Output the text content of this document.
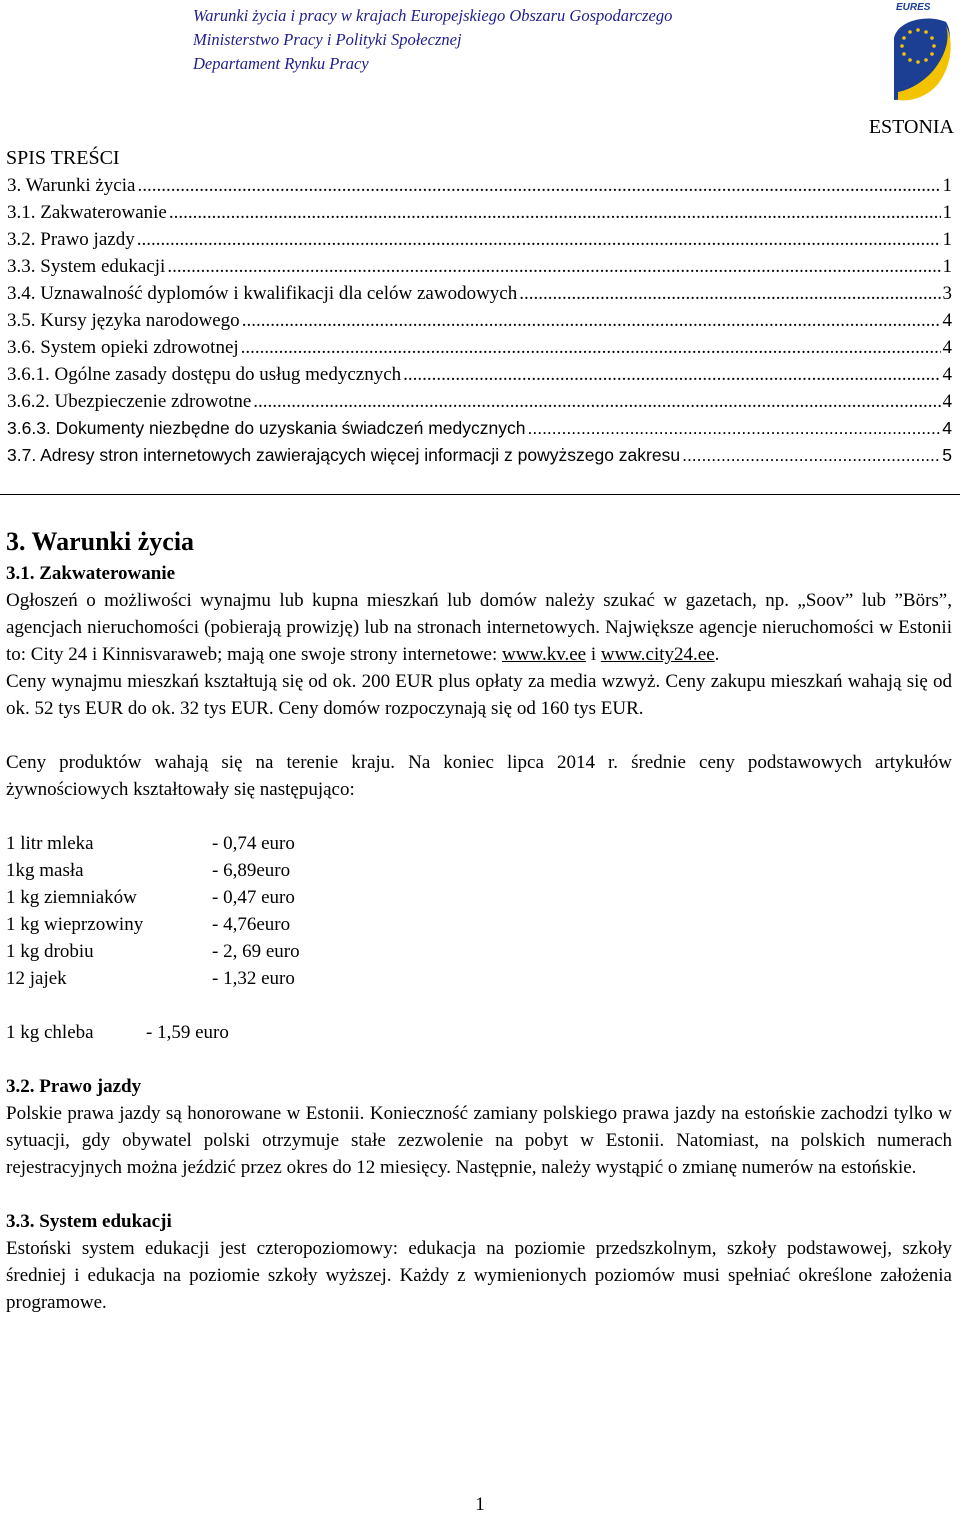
Warunki życia i pracy w krajach Europejskiego Obszaru Gospodarczego
Ministerstwo Pracy i Polityki Społecznej
Departament Rynku Pracy
EURES
ESTONIA
SPIS TREŚCI
3. Warunki życia .....	1
3.1. Zakwaterowanie .....	1
3.2. Prawo jazdy .....	1
3.3. System edukacji .....	1
3.4. Uznawalność dyplomów i kwalifikacji dla celów zawodowych .....	3
3.5. Kursy języka narodowego .....	4
3.6. System opieki zdrowotnej .....	4
3.6.1. Ogólne zasady dostępu do usług medycznych .....	4
3.6.2. Ubezpieczenie zdrowotne .....	4
3.6.3. Dokumenty niezbędne do uzyskania świadczeń medycznych .....	4
3.7. Adresy stron internetowych zawierających więcej informacji z powyższego zakresu .....	5
3. Warunki życia
3.1. Zakwaterowanie

Ogłoszeń o możliwości wynajmu lub kupna mieszkań lub domów należy szukać w gazetach, np. „Soov” lub ”Börs”, agencjach nieruchomości (pobierają prowizję) lub na stronach internetowych. Największe agencje nieruchomości w Estonii to: City 24 i Kinnisvaraweb; mają one swoje strony internetowe: www.kv.ee i www.city24.ee.

Ceny wynajmu mieszkań kształtują się od ok. 200 EUR plus opłaty za media wzwyż. Ceny zakupu mieszkań wahają się od ok. 52 tys EUR do ok. 32 tys EUR. Ceny domów rozpoczynają się od 160 tys EUR.

Ceny produktów wahają się na terenie kraju. Na koniec lipca 2014 r. średnie ceny podstawowych artykułów żywnościowych kształtowały się następująco:

1 litr mleka	- 0,74 euro
1kg masła	- 6,89euro
1 kg ziemniaków	- 0,47 euro
1 kg wieprzowiny	- 4,76euro
1 kg drobiu	- 2, 69 euro
12 jajek	- 1,32 euro
1 kg chleba	- 1,59 euro
3.2. Prawo jazdy

Polskie prawa jazdy są honorowane w Estonii. Konieczność zamiany polskiego prawa jazdy na estońskie zachodzi tylko w sytuacji, gdy obywatel polski otrzymuje stałe zezwolenie na pobyt w Estonii. Natomiast, na polskich numerach rejestracyjnych można jeździć przez okres do 12 miesięcy. Następnie, należy wystąpić o zmianę numerów na estońskie.

3.3. System edukacji

Estoński system edukacji jest czteropoziomowy: edukacja na poziomie przedszkolnym, szkoły podstawowej, szkoły średniej i edukacja na poziomie szkoły wyższej. Każdy z wymienionych poziomów musi spełniać określone założenia programowe.

1
